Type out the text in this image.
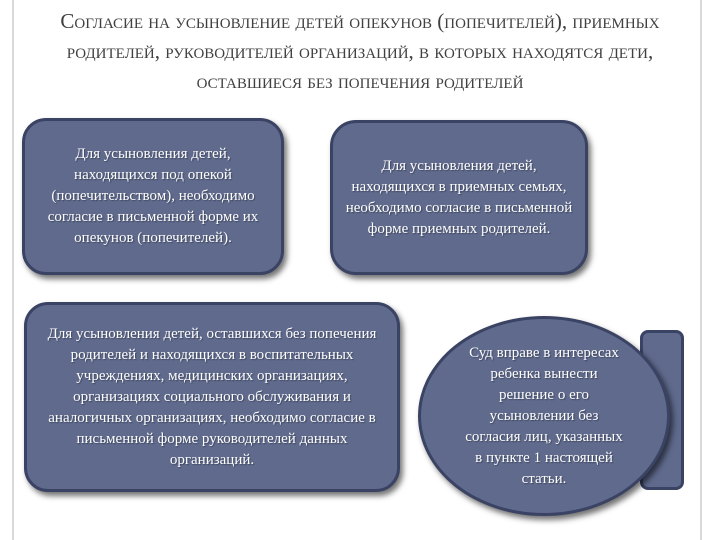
Согласие на усыновление детей опекунов (попечителей), приемных родителей, руководителей организаций, в которых находятся дети, оставшиеся без попечения родителей
Для усыновления детей, находящихся под опекой (попечительством), необходимо согласие в письменной форме их опекунов (попечителей).
Для усыновления детей, находящихся в приемных семьях, необходимо согласие в письменной форме приемных родителей.
Для усыновления детей, оставшихся без попечения родителей и находящихся в воспитательных учреждениях, медицинских организациях, организациях социального обслуживания и аналогичных организациях, необходимо согласие в письменной форме руководителей данных организаций.
Суд вправе в интересах ребенка вынести решение о его усыновлении без согласия лиц, указанных в пункте 1 настоящей статьи.
